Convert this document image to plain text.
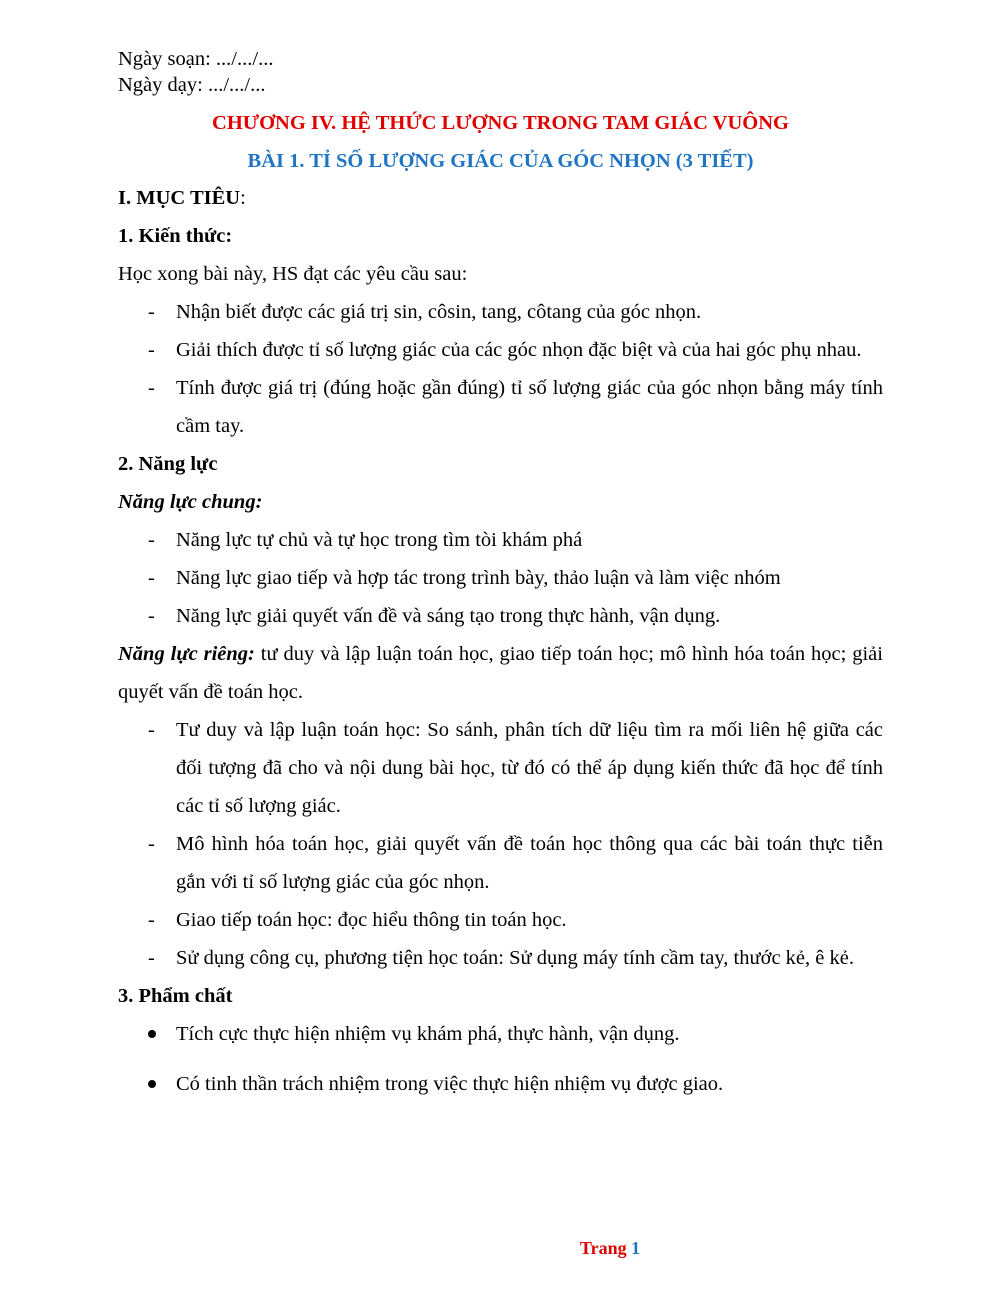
Ngày soạn: .../.../...
Ngày dạy: .../.../...
CHƯƠNG IV. HỆ THỨC LƯỢNG TRONG TAM GIÁC VUÔNG
BÀI 1. TỈ SỐ LƯỢNG GIÁC CỦA GÓC NHỌN (3 TIẾT)
I. MỤC TIÊU:
1. Kiến thức:
Học xong bài này, HS đạt các yêu cầu sau:
- Nhận biết được các giá trị sin, côsin, tang, côtang của góc nhọn.
- Giải thích được tỉ số lượng giác của các góc nhọn đặc biệt và của hai góc phụ nhau.
- Tính được giá trị (đúng hoặc gần đúng) tỉ số lượng giác của góc nhọn bằng máy tính cầm tay.
2. Năng lực
Năng lực chung:
- Năng lực tự chủ và tự học trong tìm tòi khám phá
- Năng lực giao tiếp và hợp tác trong trình bày, thảo luận và làm việc nhóm
- Năng lực giải quyết vấn đề và sáng tạo trong thực hành, vận dụng.
Năng lực riêng: tư duy và lập luận toán học, giao tiếp toán học; mô hình hóa toán học; giải quyết vấn đề toán học.
- Tư duy và lập luận toán học: So sánh, phân tích dữ liệu tìm ra mối liên hệ giữa các đối tượng đã cho và nội dung bài học, từ đó có thể áp dụng kiến thức đã học để tính các tỉ số lượng giác.
- Mô hình hóa toán học, giải quyết vấn đề toán học thông qua các bài toán thực tiễn gắn với tỉ số lượng giác của góc nhọn.
- Giao tiếp toán học: đọc hiểu thông tin toán học.
- Sử dụng công cụ, phương tiện học toán: Sử dụng máy tính cầm tay, thước kẻ, ê kẻ.
3. Phẩm chất
Tích cực thực hiện nhiệm vụ khám phá, thực hành, vận dụng.
Có tinh thần trách nhiệm trong việc thực hiện nhiệm vụ được giao.
Trang 1
